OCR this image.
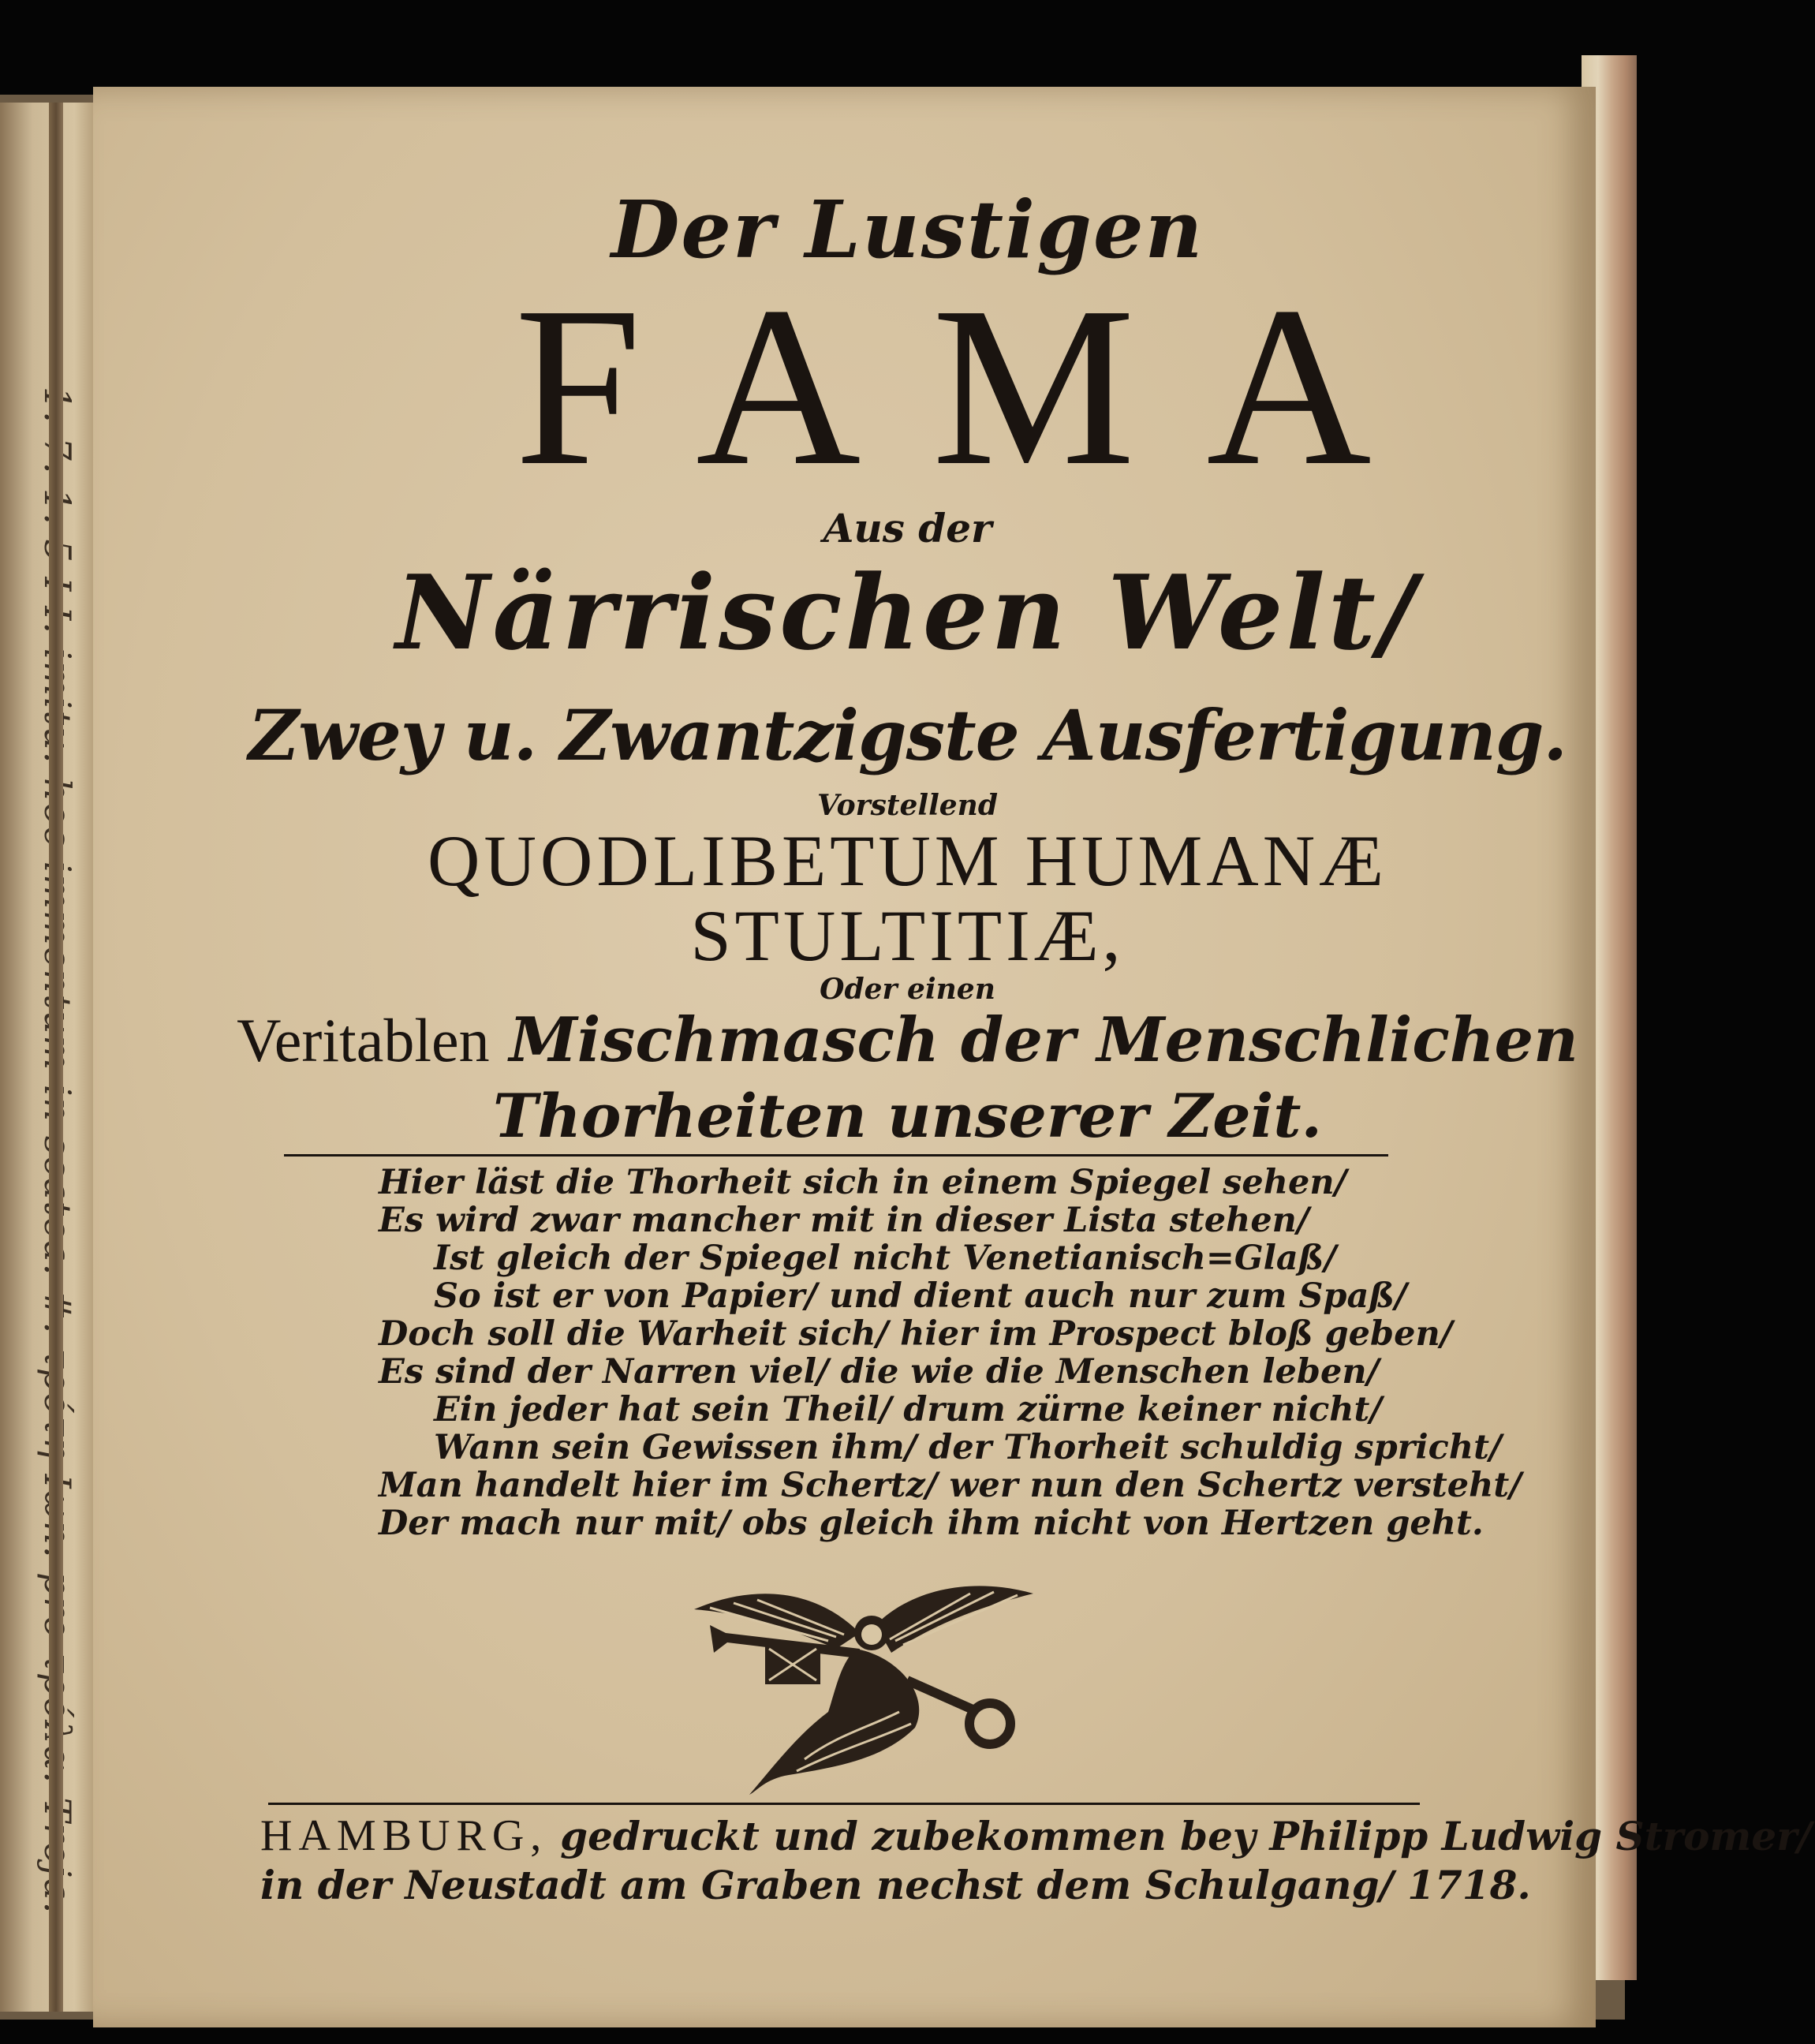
Der Lustigen
FAMA
Aus der
Närrischen Welt/
Zwey u. Zwantzigste Ausfertigung.
Vorstellend
QUODLIBETUM HUMANÆ
STULTITIÆ,
Oder einen
Veritablen Mischmasch der Menschlichen
Thorheiten unserer Zeit.
Hier läst die Thorheit sich in einem Spiegel sehen/
Es wird zwar mancher mit in dieser Lista stehen/
Ist gleich der Spiegel nicht Venetianisch=Glaß/
So ist er von Papier/ und dient auch nur zum Spaß/
Doch soll die Warheit sich/ hier im Prospect bloß geben/
Es sind der Narren viel/ die wie die Menschen leben/
Ein jeder hat sein Theil/ drum zürne keiner nicht/
Wann sein Gewissen ihm/ der Thorheit schuldig spricht/
Man handelt hier im Schertz/ wer nun den Schertz versteht/
Der mach nur mit/ obs gleich ihm nicht von Hertzen geht.
HAMBURG, gedruckt und zubekommen bey Philipp Ludwig Stromer/
in der Neustadt am Graben nechst dem Schulgang/ 1718.
